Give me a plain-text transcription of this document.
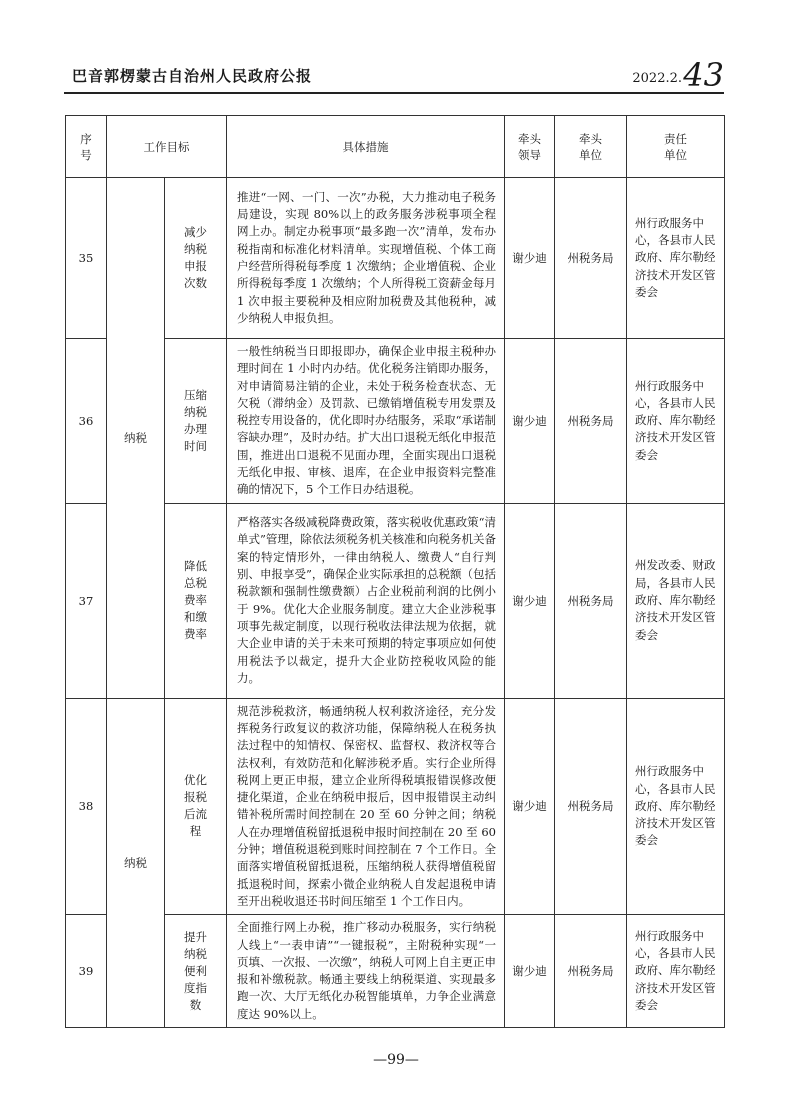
巴音郭楞蒙古自治州人民政府公报	2022.2. 43
序号	工作目标		具体措施	牵头领导	牵头单位	责任单位
35	纳税	减少纳税申报次数	推进“一网、一门、一次”办税，大力推动电子税务局建设，实现 80%以上的政务服务涉税事项全程网上办。制定办税事项“最多跑一次”清单，发布办税指南和标准化材料清单。实现增值税、个体工商户经营所得税每季度 1 次缴纳；企业增值税、企业所得税每季度 1 次缴纳；个人所得税工资薪金每月 1 次申报主要税种及相应附加税费及其他税种，减少纳税人申报负担。	谢少迪	州税务局	州行政服务中心，各县市人民政府、库尔勒经济技术开发区管委会
36		压缩纳税办理时间	一般性纳税当日即报即办，确保企业申报主税种办理时间在 1 小时内办结。优化税务注销即办服务，对申请简易注销的企业，未处于税务检查状态、无欠税（滞纳金）及罚款、已缴销增值税专用发票及税控专用设备的，优化即时办结服务，采取“承诺制容缺办理”，及时办结。扩大出口退税无纸化申报范围，推进出口退税不见面办理，全面实现出口退税无纸化申报、审核、退库，在企业申报资料完整准确的情况下，5 个工作日办结退税。	谢少迪	州税务局	州行政服务中心，各县市人民政府、库尔勒经济技术开发区管委会
37		降低总税费率和缴费率	严格落实各级减税降费政策，落实税收优惠政策“清单式”管理，除依法须税务机关核准和向税务机关备案的特定情形外，一律由纳税人、缴费人“自行判别、申报享受”，确保企业实际承担的总税额（包括税款额和强制性缴费额）占企业税前利润的比例小于 9%。优化大企业服务制度。建立大企业涉税事项事先裁定制度，以现行税收法律法规为依据，就大企业申请的关于未来可预期的特定事项应如何使用税法予以裁定，提升大企业防控税收风险的能力。	谢少迪	州税务局	州发改委、财政局，各县市人民政府、库尔勒经济技术开发区管委会
38	纳税	优化报税后流程	规范涉税救济，畅通纳税人权利救济途径，充分发挥税务行政复议的救济功能，保障纳税人在税务执法过程中的知情权、保密权、监督权、救济权等合法权利，有效防范和化解涉税矛盾。实行企业所得税网上更正申报，建立企业所得税填报错误修改便捷化渠道，企业在纳税申报后，因申报错误主动纠错补税所需时间控制在 20 至 60 分钟之间；纳税人在办理增值税留抵退税申报时间控制在 20 至 60 分钟；增值税退税到账时间控制在 7 个工作日。全面落实增值税留抵退税，压缩纳税人获得增值税留抵退税时间，探索小微企业纳税人自发起退税申请至开出税收退还书时间压缩至 1 个工作日内。	谢少迪	州税务局	州行政服务中心，各县市人民政府、库尔勒经济技术开发区管委会
39		提升纳税便利度指数	全面推行网上办税，推广移动办税服务，实行纳税人线上“一表申请”“一键报税”，主附税种实现“一页填、一次报、一次缴”，纳税人可网上自主更正申报和补缴税款。畅通主要线上纳税渠道、实现最多跑一次、大厅无纸化办税智能填单，力争企业满意度达 90%以上。	谢少迪	州税务局	州行政服务中心，各县市人民政府、库尔勒经济技术开发区管委会
—99—
